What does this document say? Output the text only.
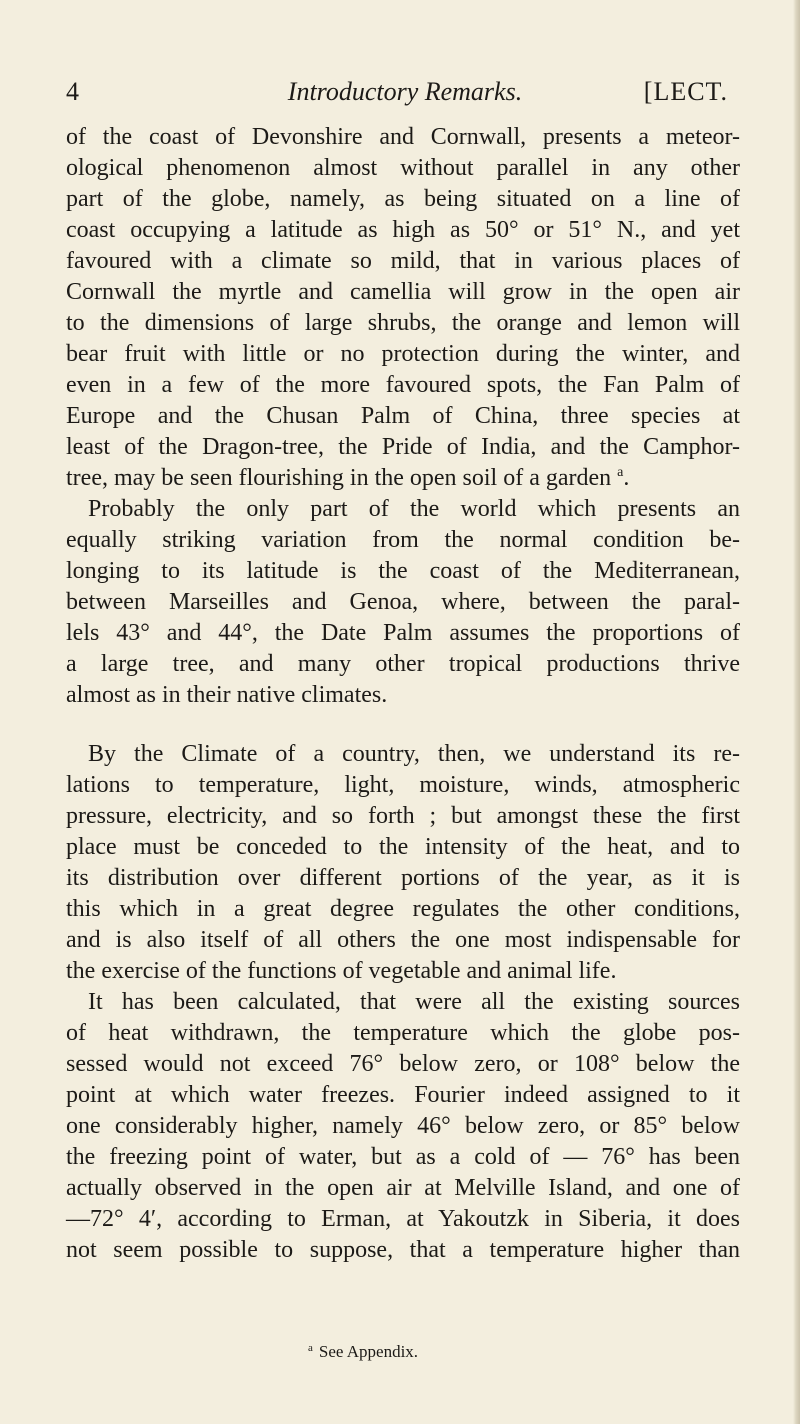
4	Introductory Remarks.	[LECT.
of the coast of Devonshire and Cornwall, presents a meteor-
ological phenomenon almost without parallel in any other
part of the globe, namely, as being situated on a line of
coast occupying a latitude as high as 50° or 51° N., and yet
favoured with a climate so mild, that in various places of
Cornwall the myrtle and camellia will grow in the open air
to the dimensions of large shrubs, the orange and lemon will
bear fruit with little or no protection during the winter, and
even in a few of the more favoured spots, the Fan Palm of
Europe and the Chusan Palm of China, three species at
least of the Dragon-tree, the Pride of India, and the Camphor-
tree, may be seen flourishing in the open soil of a garden $^a$.
Probably the only part of the world which presents an
equally striking variation from the normal condition be-
longing to its latitude is the coast of the Mediterranean,
between Marseilles and Genoa, where, between the paral-
lels 43° and 44°, the Date Palm assumes the proportions of
a large tree, and many other tropical productions thrive
almost as in their native climates.
By the Climate of a country, then, we understand its re-
lations to temperature, light, moisture, winds, atmospheric
pressure, electricity, and so forth ; but amongst these the first
place must be conceded to the intensity of the heat, and to
its distribution over different portions of the year, as it is
this which in a great degree regulates the other conditions,
and is also itself of all others the one most indispensable for
the exercise of the functions of vegetable and animal life.
It has been calculated, that were all the existing sources
of heat withdrawn, the temperature which the globe pos-
sessed would not exceed 76° below zero, or 108° below the
point at which water freezes. Fourier indeed assigned to it
one considerably higher, namely 46° below zero, or 85° below
the freezing point of water, but as a cold of — 76° has been
actually observed in the open air at Melville Island, and one of
—72° 4′, according to Erman, at Yakoutzk in Siberia, it does
not seem possible to suppose, that a temperature higher than
$^a$ See Appendix.
